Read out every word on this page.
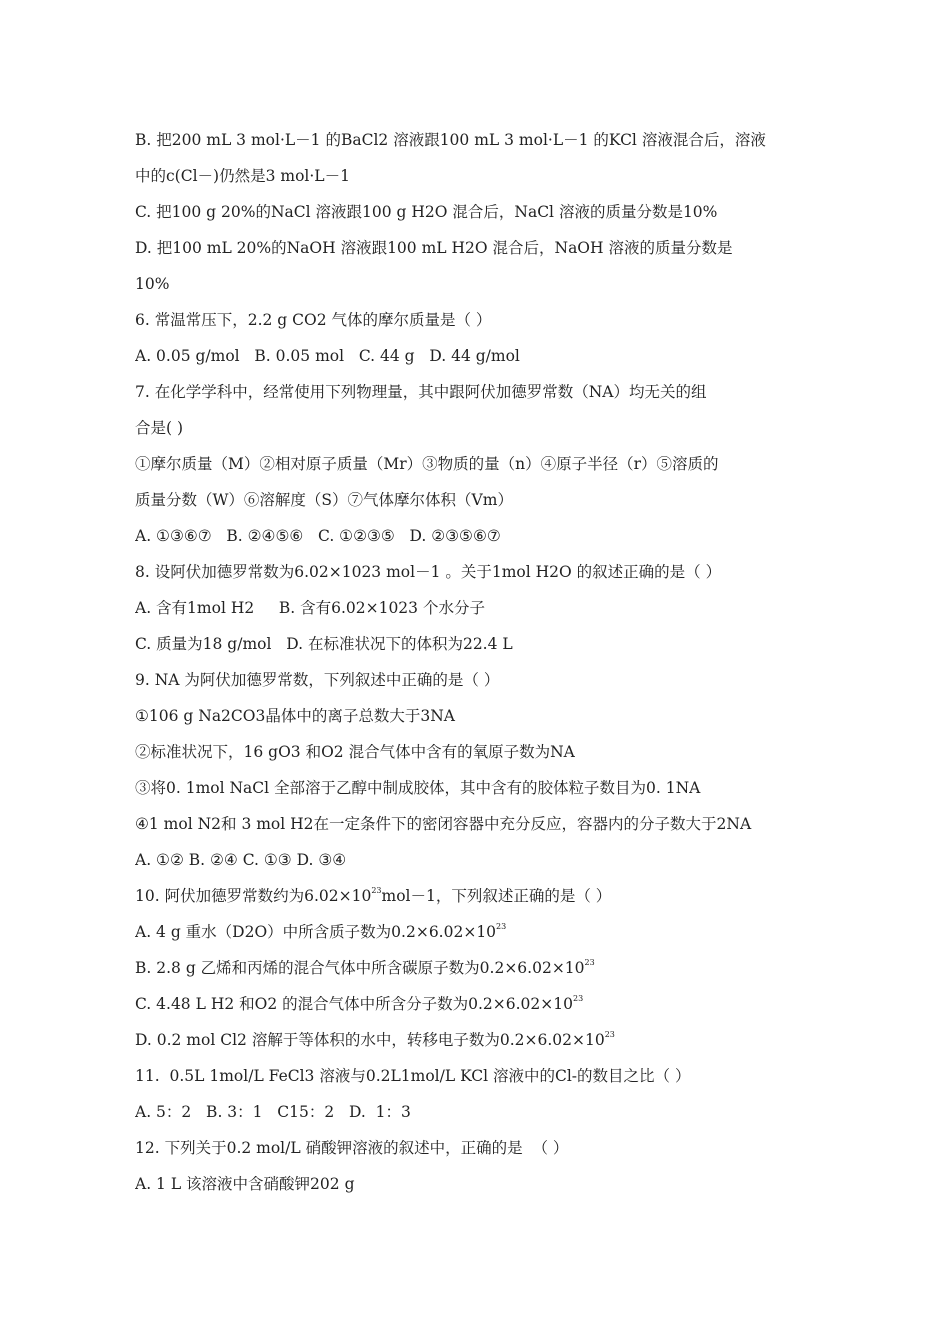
B. 把200 mL 3 mol·L－1 的BaCl2 溶液跟100 mL 3 mol·L－1 的KCl 溶液混合后，溶液
中的c(Cl－)仍然是3 mol·L－1
C. 把100 g 20%的NaCl 溶液跟100 g H2O 混合后，NaCl 溶液的质量分数是10%
D. 把100 mL 20%的NaOH 溶液跟100 mL H2O 混合后，NaOH 溶液的质量分数是
10%
6. 常温常压下，2.2 g CO2 气体的摩尔质量是（ ）
A. 0.05 g/mol   B. 0.05 mol   C. 44 g   D. 44 g/mol
7. 在化学学科中，经常使用下列物理量，其中跟阿伏加德罗常数（NA）均无关的组
合是( )
①摩尔质量（M）②相对原子质量（Mr）③物质的量（n）④原子半径（r）⑤溶质的
质量分数（W）⑥溶解度（S）⑦气体摩尔体积（Vm）
A. ①③⑥⑦   B. ②④⑤⑥   C. ①②③⑤   D. ②③⑤⑥⑦
8. 设阿伏加德罗常数为6.02×1023 mol－1 。关于1mol H2O 的叙述正确的是（ ）
A. 含有1mol H2     B. 含有6.02×1023 个水分子
C. 质量为18 g/mol   D. 在标准状况下的体积为22.4 L
9. NA 为阿伏加德罗常数，下列叙述中正确的是（ ）
①106 g Na2CO3晶体中的离子总数大于3NA
②标准状况下，16 gO3 和O2 混合气体中含有的氧原子数为NA
③将0. 1mol NaCl 全部溶于乙醇中制成胶体，其中含有的胶体粒子数目为0. 1NA
④1 mol N2和 3 mol H2在一定条件下的密闭容器中充分反应，容器内的分子数大于2NA
A. ①② B. ②④ C. ①③ D. ③④
10. 阿伏加德罗常数约为$6.02\times 10^{23}mol-1$，下列叙述正确的是（ ）
A. 4 g 重水（D2O）中所含质子数为$0.2\times 6.02\times 10^{23}$
B. 2.8 g 乙烯和丙烯的混合气体中所含碳原子数为$0.2\times 6.02\times 10^{23}$
C. 4.48 L H2 和O2 的混合气体中所含分子数为$0.2\times 6.02\times 10^{23}$
D. 0.2 mol Cl2 溶解于等体积的水中，转移电子数为$0.2\times 6.02\times 10^{23}$
11.  0.5L 1mol/L FeCl3 溶液与0.2L1mol/L KCl 溶液中的Cl-的数目之比（ ）
A. 5：2   B. 3：1   C15：2   D.  1：3
12. 下列关于0.2 mol/L 硝酸钾溶液的叙述中，正确的是  （ ）
A. 1 L 该溶液中含硝酸钾202 g
